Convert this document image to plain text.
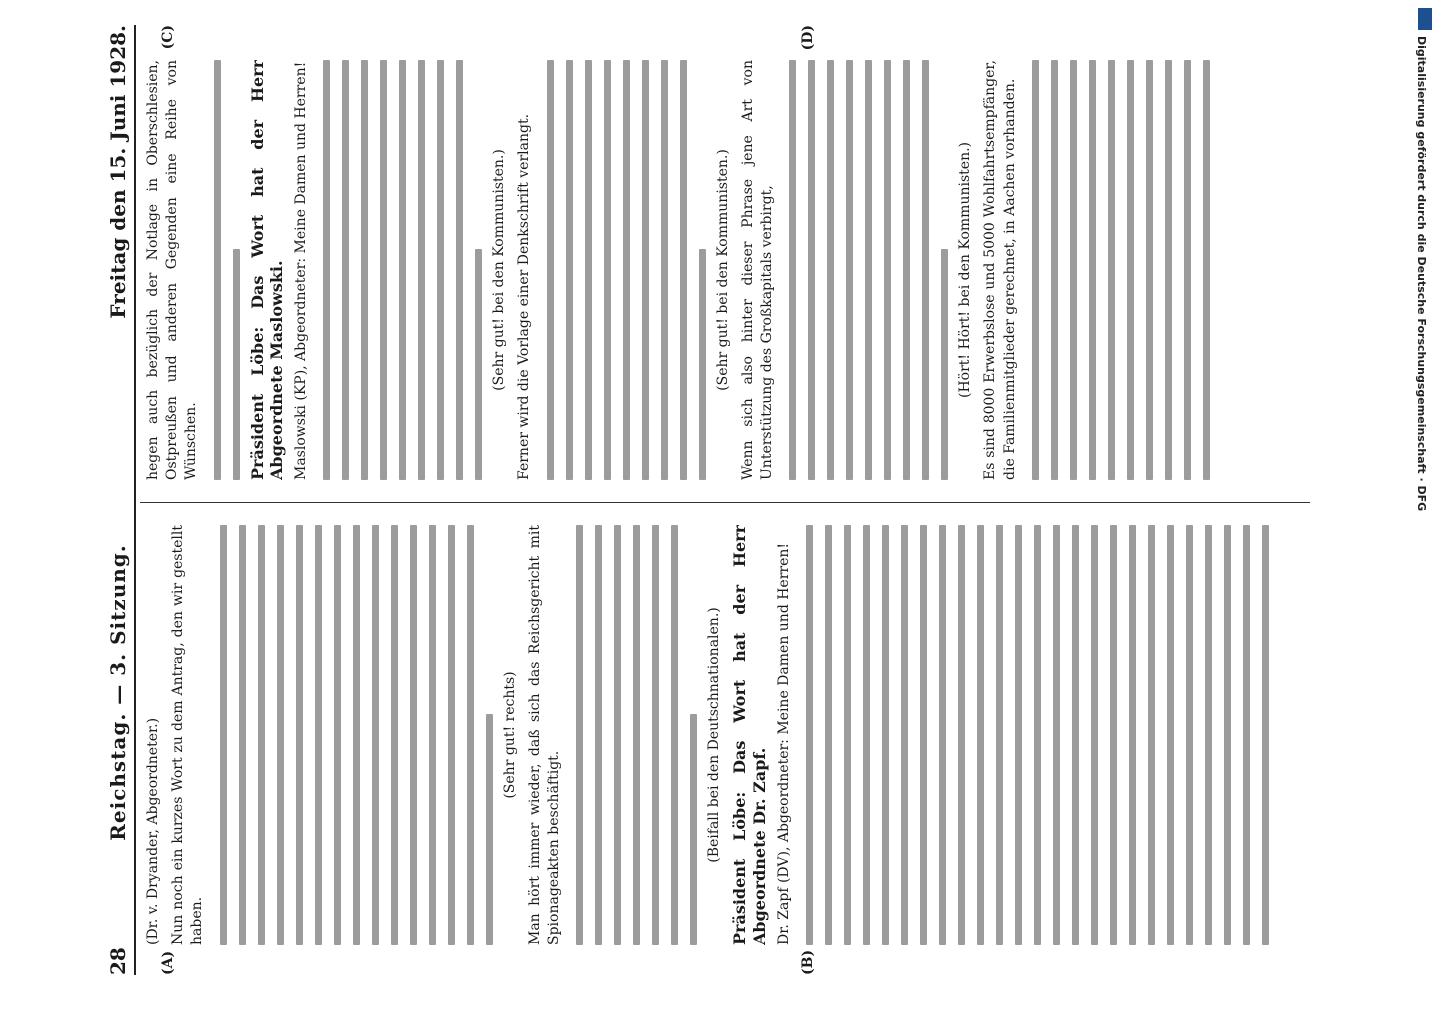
28
Reichstag. — 3. Sitzung.
Freitag den 15. Juni 1928.
(A)	(B)
(C)	(D)

(Dr. v. Dryander, Abgeordneter.) Nun noch ein kurzes Wort zu dem Antrag, den wir gestellt haben.

(Sehr gut! rechts) Man hört immer wieder, daß sich das Reichsgericht mit Spionageakten beschäftigt.	(Beifall bei den Deutschnationalen.) Präsident Löbe: Das Wort hat der Herr Abgeordnete Dr. Zapf. Dr. Zapf (DV), Abgeordneter: Meine Damen und Herren!

hegen auch bezüglich der Notlage in Oberschlesien, Ostpreußen und anderen Gegenden eine Reihe von Wünschen.	Präsident Löbe: Das Wort hat der Herr Abgeordnete Maslowski. Maslowski (KP), Abgeordneter: Meine Damen und Herren!	(Sehr gut! bei den Kommunisten.) Ferner wird die Vorlage einer Denkschrift verlangt.	(Sehr gut! bei den Kommunisten.) Wenn sich also hinter dieser Phrase jene Art von Unterstützung des Großkapitals verbirgt,	(Hört! Hört! bei den Kommunisten.) Es sind 8000 Erwerbslose und 5000 Wohlfahrtsempfänger, die Familienmitglieder gerechnet, in Aachen vorhanden.	Digitalisierung gefördert durch die Deutsche Forschungsgemeinschaft · DFG
